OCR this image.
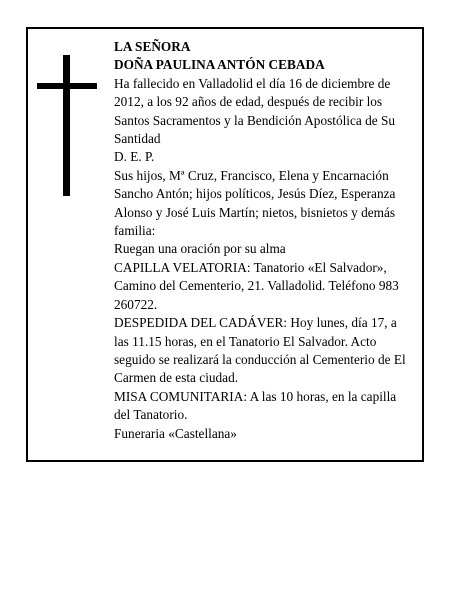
LA SEÑORA

DOÑA PAULINA ANTÓN CEBADA

Ha fallecido en Valladolid el día 16 de diciembre de 2012, a los 92 años de edad, después de recibir los Santos Sacramentos y la Bendición Apostólica de Su Santidad

D. E. P.

Sus hijos, Mª Cruz, Francisco, Elena y Encarnación Sancho Antón; hijos políticos, Jesús Díez, Esperanza Alonso y José Luis Martín; nietos, bisnietos y demás familia:

Ruegan una oración por su alma

CAPILLA VELATORIA: Tanatorio «El Salvador», Camino del Cementerio, 21. Valladolid. Teléfono 983 260722.

DESPEDIDA DEL CADÁVER: Hoy lunes, día 17, a las 11.15 horas, en el Tanatorio El Salvador. Acto seguido se realizará la conducción al Cementerio de El Carmen de esta ciudad.

MISA COMUNITARIA: A las 10 horas, en la capilla del Tanatorio.

Funeraria «Castellana»
